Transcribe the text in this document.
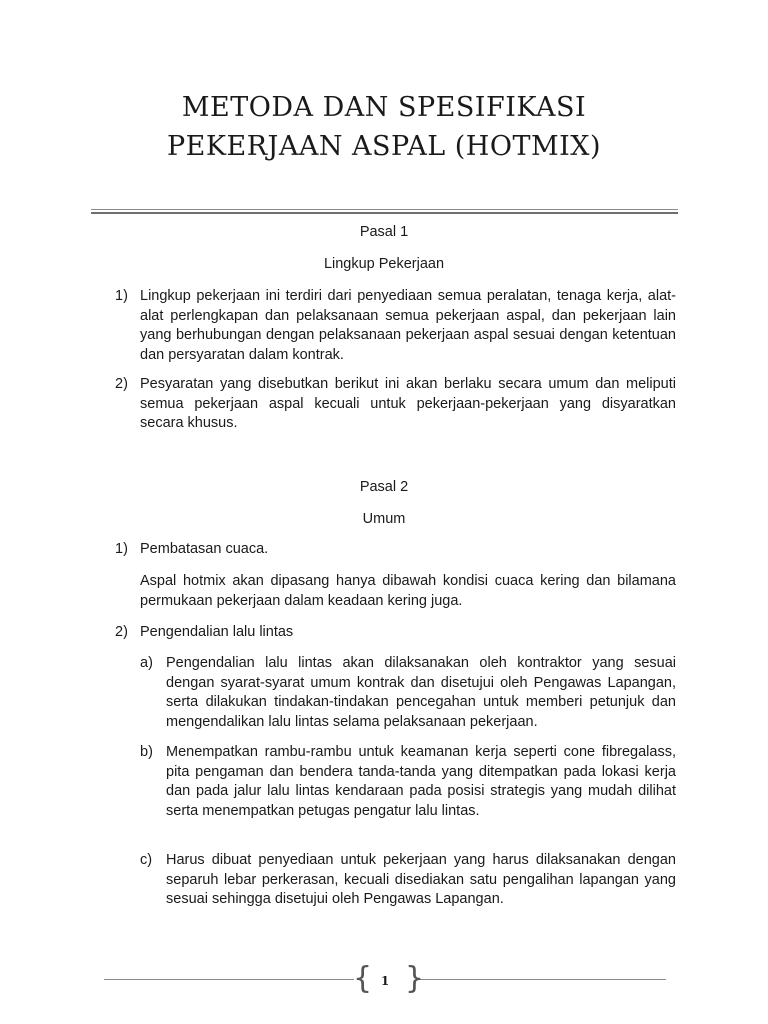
METODA DAN SPESIFIKASI
PEKERJAAN ASPAL (HOTMIX)
Pasal 1
Lingkup Pekerjaan
1) Lingkup pekerjaan ini terdiri dari penyediaan semua peralatan, tenaga kerja, alat-alat perlengkapan dan pelaksanaan semua pekerjaan aspal, dan pekerjaan lain yang berhubungan dengan pelaksanaan pekerjaan aspal sesuai dengan ketentuan dan persyaratan dalam kontrak.
2) Pesyaratan yang disebutkan berikut ini akan berlaku secara umum dan meliputi semua pekerjaan aspal kecuali untuk pekerjaan-pekerjaan yang disyaratkan secara khusus.
Pasal 2
Umum
1) Pembatasan cuaca.
Aspal hotmix akan dipasang hanya dibawah kondisi cuaca kering dan bilamana permukaan pekerjaan dalam keadaan kering juga.
2) Pengendalian lalu lintas
a) Pengendalian lalu lintas akan dilaksanakan oleh kontraktor yang sesuai dengan syarat-syarat umum kontrak dan disetujui oleh Pengawas Lapangan, serta dilakukan tindakan-tindakan pencegahan untuk memberi petunjuk dan mengendalikan lalu lintas selama pelaksanaan pekerjaan.
b) Menempatkan rambu-rambu untuk keamanan kerja seperti cone fibregalass, pita pengaman dan bendera tanda-tanda yang ditempatkan pada lokasi kerja dan pada jalur lalu lintas kendaraan pada posisi strategis yang mudah dilihat serta menempatkan petugas pengatur lalu lintas.
c) Harus dibuat penyediaan untuk pekerjaan yang harus dilaksanakan dengan separuh lebar perkerasan, kecuali disediakan satu pengalihan lapangan yang sesuai sehingga disetujui oleh Pengawas Lapangan.
{ }
1
